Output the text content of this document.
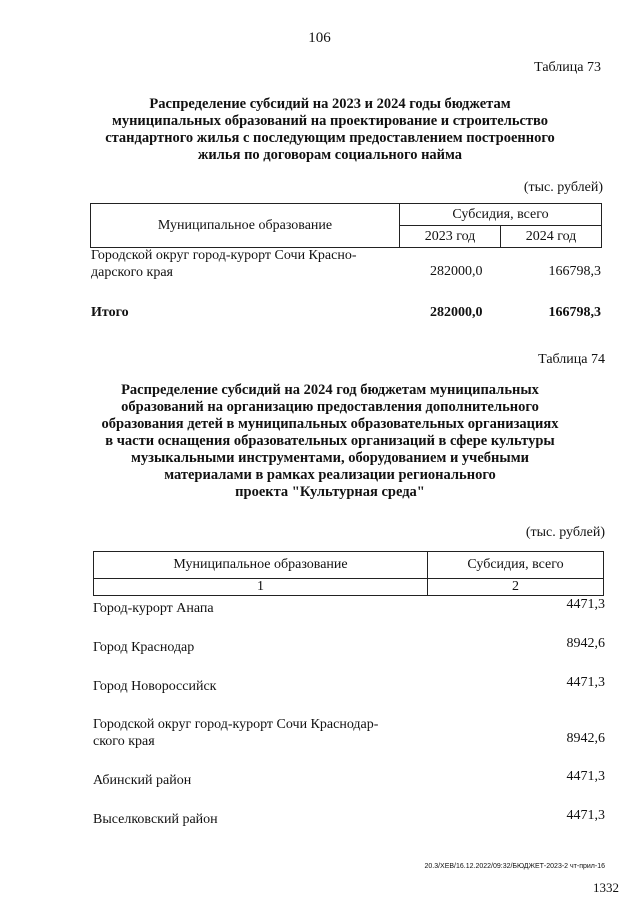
106
Таблица 73
Распределение субсидий на 2023 и 2024 годы бюджетам
муниципальных образований на проектирование и строительство
стандартного жилья с последующим предоставлением построенного
жилья по договорам социального найма
(тыс. рублей)
Муниципальное образование	Субсидия, всего	
	2023 год	2024 год
Городской округ город-курорт Сочи Красно-
дарского края	282000,0	166798,3
Итого	282000,0	166798,3
Таблица 74
Распределение субсидий на 2024 год бюджетам муниципальных
образований на организацию предоставления дополнительного
образования детей в муниципальных образовательных организациях
в части оснащения образовательных организаций в сфере культуры
музыкальными инструментами, оборудованием и учебными
материалами в рамках реализации регионального
проекта "Культурная среда"
(тыс. рублей)
Муниципальное образование	Субсидия, всего
1	2
Город-курорт Анапа	4471,3
Город Краснодар	8942,6
Город Новороссийск	4471,3
Городской округ город-курорт Сочи Краснодар-
ского края	8942,6
Абинский район	4471,3
Выселковский район	4471,3
20.3/ХЕВ/16.12.2022/09:32/БЮДЖЕТ-2023-2 чт-прил-16
1332
